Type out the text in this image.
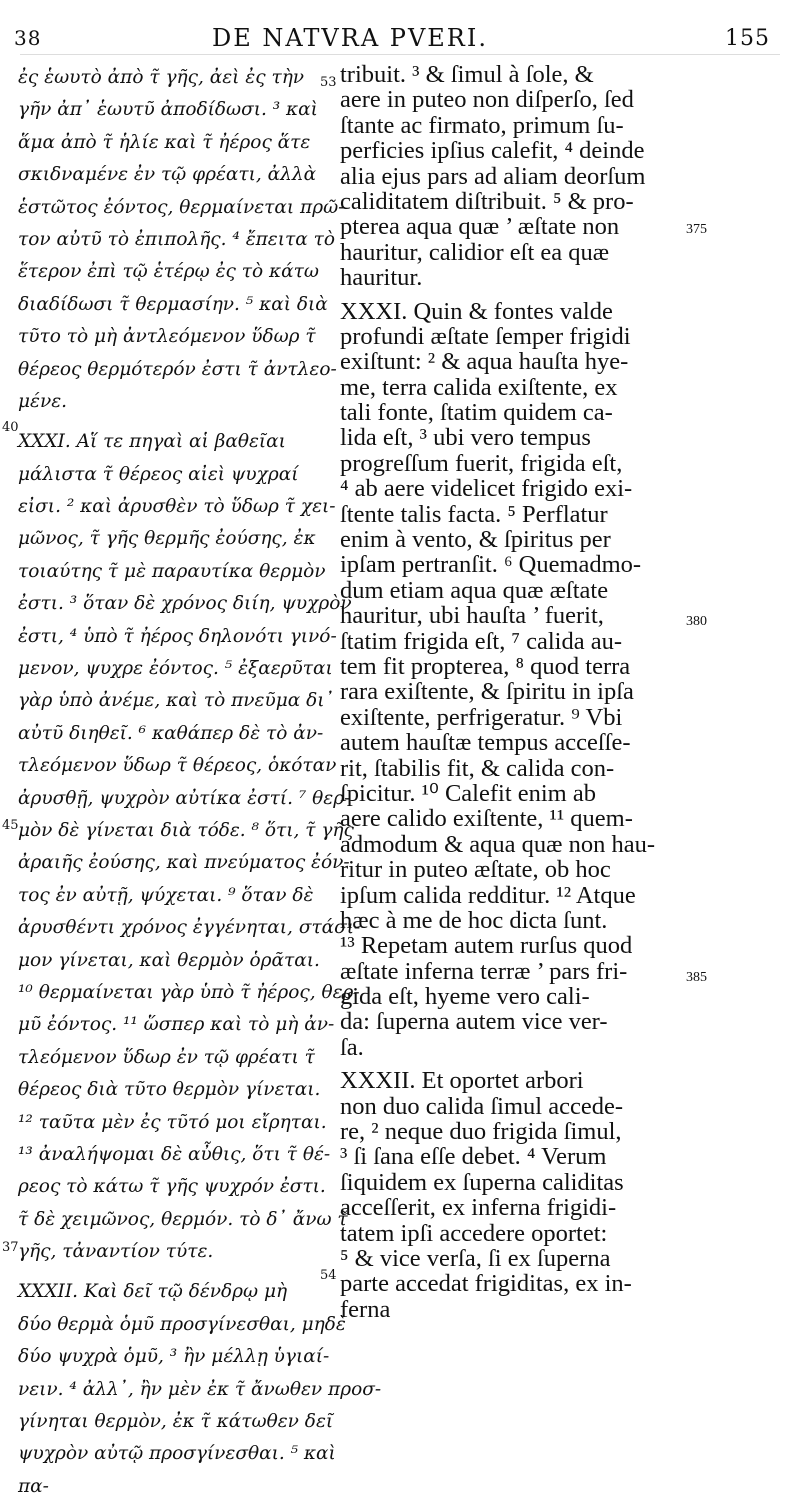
38	DE NATVRA PVERI.	155
ἐς ἑωυτὸ ἀπὸ τ̃ γῆς, ἀεὶ ἐς τὴν
γῆν ἀπ᾽ ἑωυτῦ ἀποδίδωσι. ³ καὶ
ἅμα ἀπὸ τ̃ ἡλίε καὶ τ̃ ἠέρος ἅτε
σκιδναμένε ἐν τῷ φρέατι, ἀλλὰ
ἑστῶτος ἐόντος, θερμαίνεται πρῶ-
τον αὐτῦ τὸ ἐπιπολῆς. ⁴ ἔπειτα τὸ
ἕτερον ἐπὶ τῷ ἑτέρῳ ἐς τὸ κάτω
διαδίδωσι τ̃ θερμασίην. ⁵ καὶ διὰ
τῦτο τὸ μὴ ἀντλεόμενον ὕδωρ τ̃
θέρεος θερμότερόν ἐστι τ̃ ἀντλεο-
μένε.
XXXI. Αἵ τε πηγαὶ αἱ βαθεῖαι
μάλιστα τ̃ θέρεος αἰεὶ ψυχραί
εἰσι. ² καὶ ἀρυσθὲν τὸ ὕδωρ τ̃ χει-
μῶνος, τ̃ γῆς θερμῆς ἐούσης, ἐκ
τοιαύτης τ̃ μὲ παραυτίκα θερμὸν
ἐστι. ³ ὅταν δὲ χρόνος διίη, ψυχρὸν
ἐστι, ⁴ ὑπὸ τ̃ ἠέρος δηλονότι γινό-
μενον, ψυχρε ἐόντος. ⁵ ἐξαερῦται
γὰρ ὑπὸ ἀνέμε, καὶ τὸ πνεῦμα δι᾽
αὐτῦ διηθεῖ. ⁶ καθάπερ δὲ τὸ ἀν-
τλεόμενον ὕδωρ τ̃ θέρεος, ὁκόταν
ἀρυσθῇ, ψυχρὸν αὐτίκα ἐστί. ⁷ θερ-
μὸν δὲ γίνεται διὰ τόδε. ⁸ ὅτι, τ̃ γῆς
ἀραιῆς ἐούσης, καὶ πνεύματος ἐόν-
τος ἐν αὐτῇ, ψύχεται. ⁹ ὅταν δὲ
ἀρυσθέντι χρόνος ἐγγένηται, στάσι-
μον γίνεται, καὶ θερμὸν ὁρᾶται.
¹⁰ θερμαίνεται γὰρ ὑπὸ τ̃ ἠέρος, θερ-
μῦ ἐόντος. ¹¹ ὥσπερ καὶ τὸ μὴ ἀν-
τλεόμενον ὕδωρ ἐν τῷ φρέατι τ̃
θέρεος διὰ τῦτο θερμὸν γίνεται.
¹² ταῦτα μὲν ἐς τῦτό μοι εἴρηται.
¹³ ἀναλήψομαι δὲ αὖθις, ὅτι τ̃ θέ-
ρεος τὸ κάτω τ̃ γῆς ψυχρόν ἐστι.
τ̃ δὲ χειμῶνος, θερμόν. τὸ δ᾽ ἄνω τ̃
γῆς, τἀναντίον τύτε.
XXXII. Καὶ δεῖ τῷ δένδρῳ μὴ
δύο θερμὰ ὁμῦ προσγίνεσθαι, μηδὲ
δύο ψυχρὰ ὁμῦ, ³ ἢν μέλλῃ ὑγιαί-
νειν. ⁴ ἀλλ᾽, ἢν μὲν ἐκ τ̃ ἄνωθεν προσ-
γίνηται θερμὸν, ἐκ τ̃ κάτωθεν δεῖ
ψυχρὸν αὐτῷ προσγίνεσθαι. ⁵ καὶ
πα-
tribuit. ³ & ſimul à ſole, &
aere in puteo non diſperſo, ſed
ſtante ac firmato, primum ſu-
perficies ipſius calefit, ⁴ deinde
alia ejus pars ad aliam deorſum
caliditatem diſtribuit. ⁵ & pro-
pterea aqua quæ ’ æſtate non
hauritur, calidior eſt ea quæ
hauritur.
XXXI. Quin & fontes valde
profundi æſtate ſemper frigidi
exiſtunt: ² & aqua hauſta hye-
me, terra calida exiſtente, ex
tali fonte, ſtatim quidem ca-
lida eſt, ³ ubi vero tempus
progreſſum fuerit, frigida eſt,
⁴ ab aere videlicet frigido exi-
ſtente talis facta. ⁵ Perflatur
enim à vento, & ſpiritus per
ipſam pertranſit. ⁶ Quemadmo-
dum etiam aqua quæ æſtate
hauritur, ubi hauſta ’ fuerit,
ſtatim frigida eſt, ⁷ calida au-
tem fit propterea, ⁸ quod terra
rara exiſtente, & ſpiritu in ipſa
exiſtente, perfrigeratur. ⁹ Vbi
autem hauſtæ tempus acceſſe-
rit, ſtabilis fit, & calida con-
ſpicitur. ¹⁰ Calefit enim ab
aere calido exiſtente, ¹¹ quem-
admodum & aqua quæ non hau-
ritur in puteo æſtate, ob hoc
ipſum calida redditur. ¹² Atque
hæc à me de hoc dicta ſunt.
¹³ Repetam autem rurſus quod
æſtate inferna terræ ’ pars fri-
gida eſt, hyeme vero cali-
da: ſuperna autem vice ver-
ſa.
XXXII. Et oportet arbori
non duo calida ſimul accede-
re, ² neque duo frigida ſimul,
³ ſi ſana eſſe debet. ⁴ Verum
ſiquidem ex ſuperna caliditas
acceſſerit, ex inferna frigidi-
tatem ipſi accedere oportet:
⁵ & vice verſa, ſi ex ſuperna
parte accedat frigiditas, ex in-
ferna
53
40
45
37
54
375
380
385
